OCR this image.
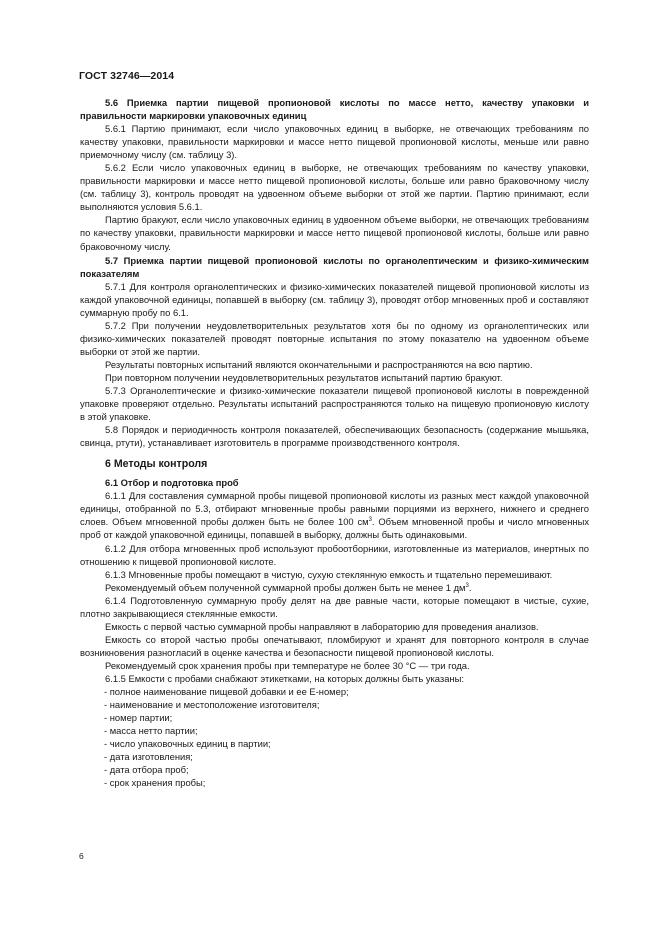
ГОСТ 32746—2014

5.6 Приемка партии пищевой пропионовой кислоты по массе нетто, качеству упаковки и правильности маркировки упаковочных единиц

5.6.1 Партию принимают, если число упаковочных единиц в выборке, не отвечающих требованиям по качеству упаковки, правильности маркировки и массе нетто пищевой пропионовой кислоты, меньше или равно приемочному числу (см. таблицу 3).

5.6.2 Если число упаковочных единиц в выборке, не отвечающих требованиям по качеству упаковки, правильности маркировки и массе нетто пищевой пропионовой кислоты, больше или равно браковочному числу (см. таблицу 3), контроль проводят на удвоенном объеме выборки от этой же партии. Партию принимают, если выполняются условия 5.6.1.

Партию бракуют, если число упаковочных единиц в удвоенном объеме выборки, не отвечающих требованиям по качеству упаковки, правильности маркировки и массе нетто пищевой пропионовой кислоты, больше или равно браковочному числу.

5.7 Приемка партии пищевой пропионовой кислоты по органолептическим и физико-химическим показателям

5.7.1 Для контроля органолептических и физико-химических показателей пищевой пропионовой кислоты из каждой упаковочной единицы, попавшей в выборку (см. таблицу 3), проводят отбор мгновенных проб и составляют суммарную пробу по 6.1.

5.7.2 При получении неудовлетворительных результатов хотя бы по одному из органолептических или физико-химических показателей проводят повторные испытания по этому показателю на удвоенном объеме выборки от этой же партии.

Результаты повторных испытаний являются окончательными и распространяются на всю партию.

При повторном получении неудовлетворительных результатов испытаний партию бракуют.

5.7.3 Органолептические и физико-химические показатели пищевой пропионовой кислоты в поврежденной упаковке проверяют отдельно. Результаты испытаний распространяются только на пищевую пропионовую кислоту в этой упаковке.

5.8 Порядок и периодичность контроля показателей, обеспечивающих безопасность (содержание мышьяка, свинца, ртути), устанавливает изготовитель в программе производственного контроля.

6 Методы контроля

6.1 Отбор и подготовка проб

6.1.1 Для составления суммарной пробы пищевой пропионовой кислоты из разных мест каждой упаковочной единицы, отобранной по 5.3, отбирают мгновенные пробы равными порциями из верхнего, нижнего и среднего слоев. Объем мгновенной пробы должен быть не более 100 $см^3$. Объем мгновенной пробы и число мгновенных проб от каждой упаковочной единицы, попавшей в выборку, должны быть одинаковыми.

6.1.2 Для отбора мгновенных проб используют пробоотборники, изготовленные из материалов, инертных по отношению к пищевой пропионовой кислоте.

6.1.3 Мгновенные пробы помещают в чистую, сухую стеклянную емкость и тщательно перемешивают.

Рекомендуемый объем полученной суммарной пробы должен быть не менее 1 $дм^3$.

6.1.4 Подготовленную суммарную пробу делят на две равные части, которые помещают в чистые, сухие, плотно закрывающиеся стеклянные емкости.

Емкость с первой частью суммарной пробы направляют в лабораторию для проведения анализов.

Емкость со второй частью пробы опечатывают, пломбируют и хранят для повторного контроля в случае возникновения разногласий в оценке качества и безопасности пищевой пропионовой кислоты.

Рекомендуемый срок хранения пробы при температуре не более 30 °С — три года.

6.1.5 Емкости с пробами снабжают этикетками, на которых должны быть указаны:

- полное наименование пищевой добавки и ее Е-номер;

- наименование и местоположение изготовителя;

- номер партии;

- масса нетто партии;

- число упаковочных единиц в партии;

- дата изготовления;

- дата отбора проб;

- срок хранения пробы;

6
